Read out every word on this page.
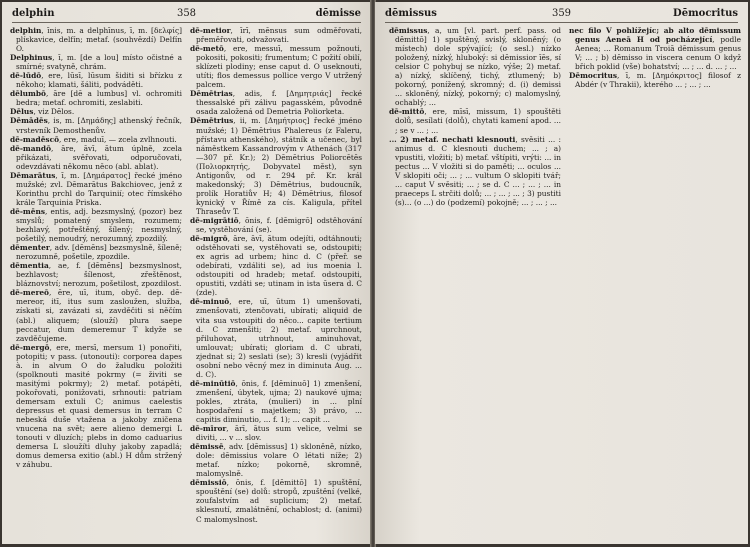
delphin	358	dēmisse

delphin, īnis, m. a delphīnus, ī, m. [δελφίς] plískavice, delfín; metaf. (souhvězdí) Delfín O.

Delphinus, ī, m. [de a lou] místo očistné a smírné; svatyně, chrám.

dē-lūdō, ere, lūsī, lūsum šiditi si břízku z někoho; klamati, šáliti, podváděti.

dēlumbō, āre [dē a lumbus] vl. ochromiti bedra; metaf. ochromiti, zeslabiti.

Dēlus, viz Dēlos.

Dēmādēs, is, m. [Δημάδης] athenský řečník, vrstevník Demosthenův.

dē-madēscō, ere, maduī, — zcela zvlhnouti.

dē-mandō, āre, āvī, ātum úplně, zcela přikázati, svěřovati, odporučovati, odevzdávati někomu něco (abl. ablat).

Dēmarātus, ī, m. [Δημάρατος] řecké jméno mužské; zvl. Dēmarātus Bakchiovec, jenž z Korinthu prchl do Tarquinií; otec římského krále Tarquinia Priska.

dē-mēns, entis, adj. bezsmyslný, (pozor) bez smyslů; pomatený smyslem, rozumem; bezhlavý, potřeštěný, šílený; nesmyslný, pošetilý, nemoudrý, nerozumný, zpozdilý.

dēmenter, adv. [dēmēns] bezsmyslně, šíleně; nerozumně, pošetile, zpozdile.

dēmentia, ae, f. [dēmēns] bezsmyslnost, bezhlavost; šílenost, zřeštěnost, bláznovství; nerozum, pošetilost, zpozdilost.

dē-mereō, ēre, uī, itum, obyč. dep. dē-mereor, itī, itus sum zasloužen, služba, získati si, zavázati si, zavděčiti si něčím (abl.) aliquem; (slouží) plura saepe peccatur, dum demeremur T kdyže se zavděčujeme.

dē-mergō, ere, mersī, mersum 1) ponořiti, potopiti; v pass. (utonouti): corporea dapes à. in alvum O do žaludku položiti (spolknouti masité pokrmy (= živiti se masitými pokrmy); 2) metaf. potápěti, pokořovati, ponižovati, srhnouti: patriam demersam extuli C; animus caelestis depressus et quasi demersus in terram C nebeská duše vtažena a jakoby zničena vnucena na svět; aere alieno demergi L tonouti v dluzích; plebs in domo caduarius demersa L sloužíti dluhy jakoby zapadlá; domus demersa exitio (abl.) H dům stržený v záhubu.

dē-metior, īrī, mēnsus sum odměřovati, přeměřovati, odvažovati.

dē-metō, ere, messuī, messum požnouti, pokositi, pokositi; frumentum; C požití obilí, sklízeti plodiny; ense caput d. O useknouti, utíti; flos demessus pollice vergo V utržený palcem.

Dēmētrias, adis, f. [Δημητριάς] řecké thessalské při zálivu pagasském, původně osada založená od Demetria Poliorketa.

Dēmētrius, ii, m. [Δημήτριος] řecké jméno mužské; 1) Dēmētrius Phalereus (z Faleru, přístavu athenského), státník a učenec, byl náměstkem Kassandrovým v Athenách (317—307 př. Kr.); 2) Dēmētrius Poliorcētēs (Πολιορκητής, Dobyvatel měst), syn Antigonův, od r. 294 př. Kr. král makedonský; 3) Dēmētrius, budoucník, prolík Horatiův H; 4) Dēmētrius, filosof kynický v Římě za cís. Kaligula, přítel Thraseův T.

dē-migrātiō, ōnis, f. [dēmigrō] odstěhování se, vystěhování (se).

dē-migrō, āre, āvī, ātum odejíti, odtáhnouti; odstěhovati se, vystěhovati se, odstoupiti; ex agris ad urbem; hinc d. C (přeř. se odebírati, vzdáliti se), ad ius moenia l. odstoupiti od hradeb; metaf. odstoupiti, opustiti, vzdáti se; utinam in ista ūsera d. C (zde).

dē-minuō, ere, uī, ūtum 1) umenšovati, zmenšovati, ztenčovati, ubírati; aliquid de vita sua vstoupiti do něco... capite tertium d. C zmenšiti; 2) metaf. uprchnout, přiluhovat, utrhnout, aminuhovat, umlouvat; ubírati; gloriam d. C ubrati, zjednat si; 2) seslati (se); 3) kresli (vyjádřit osobní nebo věcný mez in diminuta Aug. ... d. C).

dē-minūtiō, ōnis, f. [dēminuō] 1) zmenšení, zmenšení, úbytek, ujma; 2) naukové ujma; pokles, ztráta, (mulieri) in ... plní hospodaření s majetkem; 3) právo, ... capitis diminutio, ... f. 1); ... capit ...

dē-mīror, ārī, ātus sum velice, velmi se diviti, ... v ... slov.

dēmissē, adv. [dēmissus] 1) skloněně, nízko, dole: dēmissius volare O létati níže; 2) metaf. nízko; pokorně, skromně, malomyslně.

dēmissiō, ōnis, f. [dēmittō] 1) spuštění, spouštění (se) dolů: stropů, zpuštění (velké, zoufalstvím ad suplicium; 2) metaf. sklesnutí, zmalátnění, ochablost; d. (animi) C malomyslnost.

dēmissus	359	Dēmocritus

dēmissus, a, um [vl. part. perf. pass. od dēmittō] 1) spuštěný, svislý, skloněný; (o místech) dole spývající; (o sesl.) nízko položený, nízký, hluboký: si dēmissior īēs, sí celsior C pohybuj se nízko, výše; 2) metaf. a) nízký, sklíčený, tichý, ztlumený; b) pokorný, ponížený, skromný; d. (i) demissi ... skloněný, nízký, pokorný; c) malomyslný, ochablý; ...

dē-mittō, ere, mīsī, missum, 1) spouštěti dolů, sesílati (dolů), chytati kamení apod. ... ; se v ... ; ...

... 2) metaf. nechati klesnouti, svěsiti ... : animus d. C klesnouti duchem; ... ; a) vpustiti, vložiti; b) metaf. vštípiti, vrýti: ... in pectus ... V vložiti si do paměti; ... oculos ... V sklopiti oči; ... ; ... vultum O sklopiti tvář; ... caput V svěsiti; ... ; se d. C ... ; ... ; ... in praeceps L strčiti dolů; ... ; ... ; ... ; 3) pustiti (s)... (o ...) do (podzemí) pokojně; ... ; ... ; ...

nec filo V pohlížejíc; ab alto dēmissum genus Aeneā H od pocházející, podle Aenea; ... Romanum Troiā dēmissum genus V; ... ; b) dēmisso in viscera cenum O když břich poklid (vše) bohatství; ... ; ... d. ... ; ...

Dēmocritus, ī, m. [Δημόκριτος] filosof z Abdér (v Thrakii), kterého ... ; ... ; ...
